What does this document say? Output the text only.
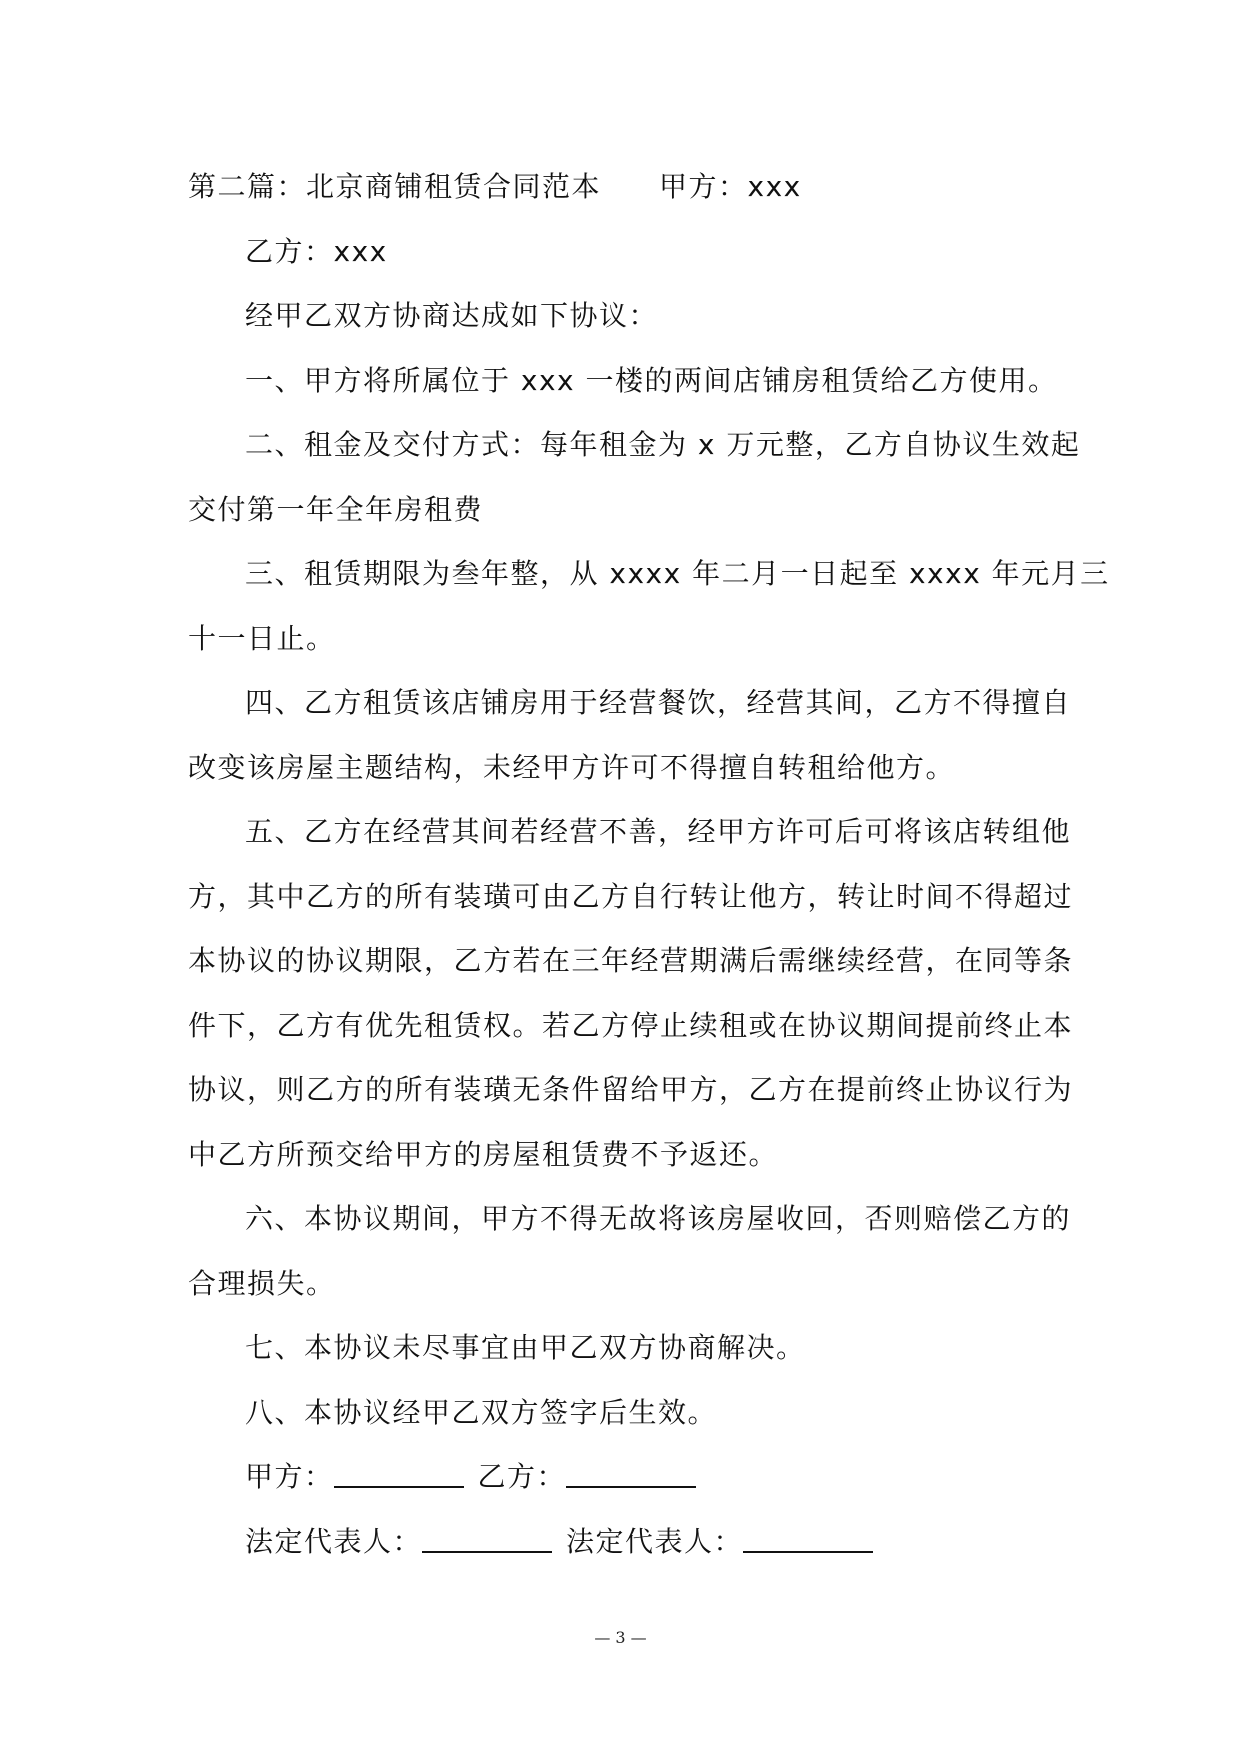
第二篇：北京商铺租赁合同范本 甲方：xxx

乙方：xxx

经甲乙双方协商达成如下协议：

一、甲方将所属位于 xxx 一楼的两间店铺房租赁给乙方使用。

二、租金及交付方式：每年租金为 x 万元整，乙方自协议生效起

交付第一年全年房租费

三、租赁期限为叁年整，从 xxxx 年二月一日起至 xxxx 年元月三

十一日止。

四、乙方租赁该店铺房用于经营餐饮，经营其间，乙方不得擅自

改变该房屋主题结构，未经甲方许可不得擅自转租给他方。

五、乙方在经营其间若经营不善，经甲方许可后可将该店转组他

方，其中乙方的所有装璜可由乙方自行转让他方，转让时间不得超过

本协议的协议期限，乙方若在三年经营期满后需继续经营，在同等条

件下，乙方有优先租赁权。若乙方停止续租或在协议期间提前终止本

协议，则乙方的所有装璜无条件留给甲方，乙方在提前终止协议行为

中乙方所预交给甲方的房屋租赁费不予返还。

六、本协议期间，甲方不得无故将该房屋收回，否则赔偿乙方的

合理损失。

七、本协议未尽事宜由甲乙双方协商解决。

八、本协议经甲乙双方签字后生效。

甲方：	乙方：

法定代表人：	法定代表人：

— 3 —
